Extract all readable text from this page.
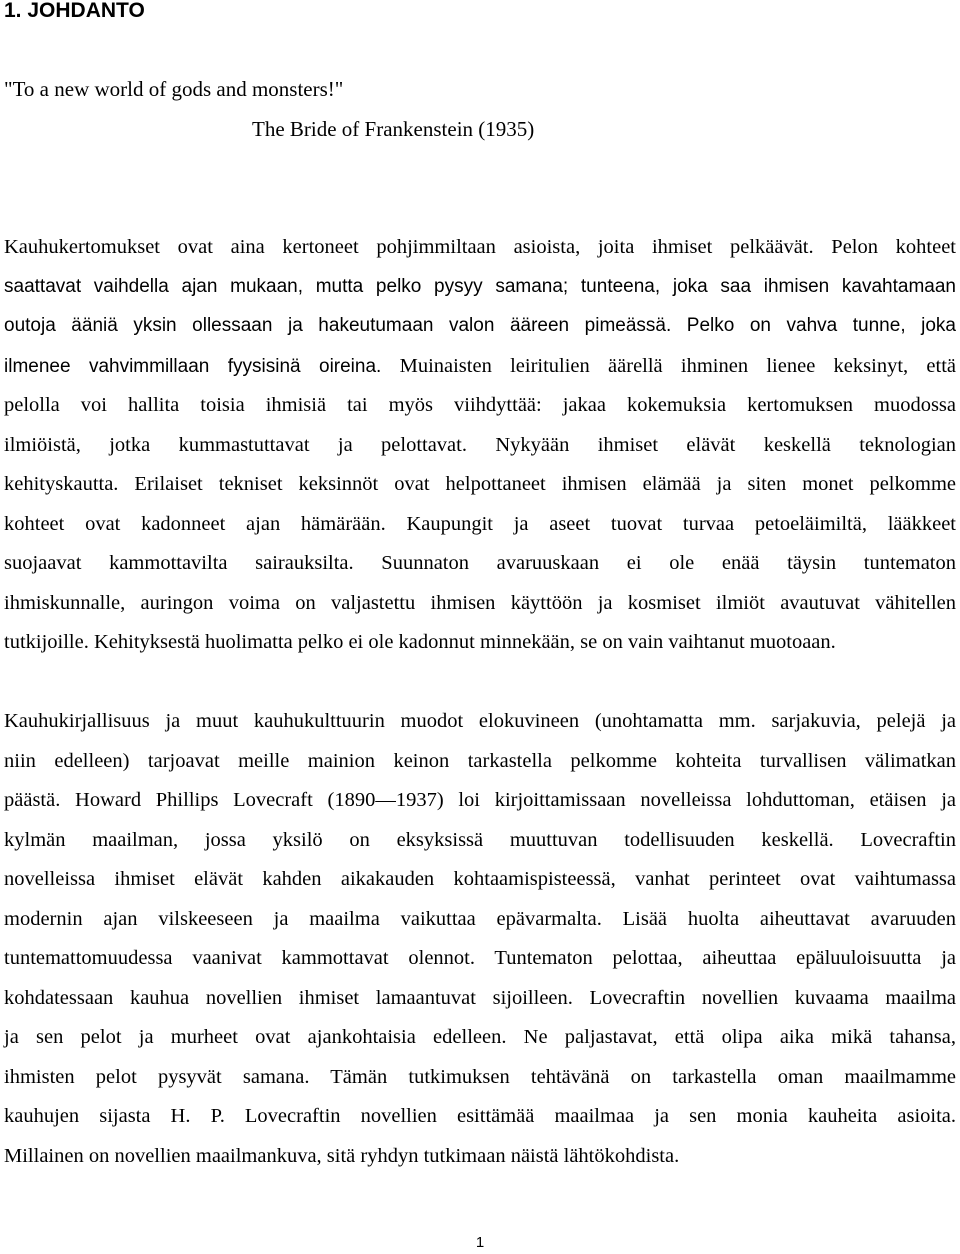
1. JOHDANTO

"To a new world of gods and monsters!"

The Bride of Frankenstein (1935)

Kauhukertomukset ovat aina kertoneet pohjimmiltaan asioista, joita ihmiset pelkäävät. Pelon kohteet
saattavat vaihdella ajan mukaan, mutta pelko pysyy samana; tunteena, joka saa ihmisen kavahtamaan
outoja ääniä yksin ollessaan ja hakeutumaan valon ääreen pimeässä. Pelko on vahva tunne, joka
ilmenee vahvimmillaan fyysisinä oireina. Muinaisten leiritulien äärellä ihminen lienee keksinyt, että
pelolla voi hallita toisia ihmisiä tai myös viihdyttää: jakaa kokemuksia kertomuksen muodossa
ilmiöistä, jotka kummastuttavat ja pelottavat. Nykyään ihmiset elävät keskellä teknologian
kehityskautta. Erilaiset tekniset keksinnöt ovat helpottaneet ihmisen elämää ja siten monet pelkomme
kohteet ovat kadonneet ajan hämärään. Kaupungit ja aseet tuovat turvaa petoeläimiltä, lääkkeet
suojaavat kammottavilta sairauksilta. Suunnaton avaruuskaan ei ole enää täysin tuntematon
ihmiskunnalle, auringon voima on valjastettu ihmisen käyttöön ja kosmiset ilmiöt avautuvat vähitellen
tutkijoille. Kehityksestä huolimatta pelko ei ole kadonnut minnekään, se on vain vaihtanut muotoaan.
Kauhukirjallisuus ja muut kauhukulttuurin muodot elokuvineen (unohtamatta mm. sarjakuvia, pelejä ja
niin edelleen) tarjoavat meille mainion keinon tarkastella pelkomme kohteita turvallisen välimatkan
päästä. Howard Phillips Lovecraft (1890—1937) loi kirjoittamissaan novelleissa lohduttoman, etäisen ja
kylmän maailman, jossa yksilö on eksyksissä muuttuvan todellisuuden keskellä. Lovecraftin
novelleissa ihmiset elävät kahden aikakauden kohtaamispisteessä, vanhat perinteet ovat vaihtumassa
modernin ajan vilskeeseen ja maailma vaikuttaa epävarmalta. Lisää huolta aiheuttavat avaruuden
tuntemattomuudessa vaanivat kammottavat olennot. Tuntematon pelottaa, aiheuttaa epäluuloisuutta ja
kohdatessaan kauhua novellien ihmiset lamaantuvat sijoilleen. Lovecraftin novellien kuvaama maailma
ja sen pelot ja murheet ovat ajankohtaisia edelleen. Ne paljastavat, että olipa aika mikä tahansa,
ihmisten pelot pysyvät samana. Tämän tutkimuksen tehtävänä on tarkastella oman maailmamme
kauhujen sijasta H. P. Lovecraftin novellien esittämää maailmaa ja sen monia kauheita asioita.
Millainen on novellien maailmankuva, sitä ryhdyn tutkimaan näistä lähtökohdista.
1
